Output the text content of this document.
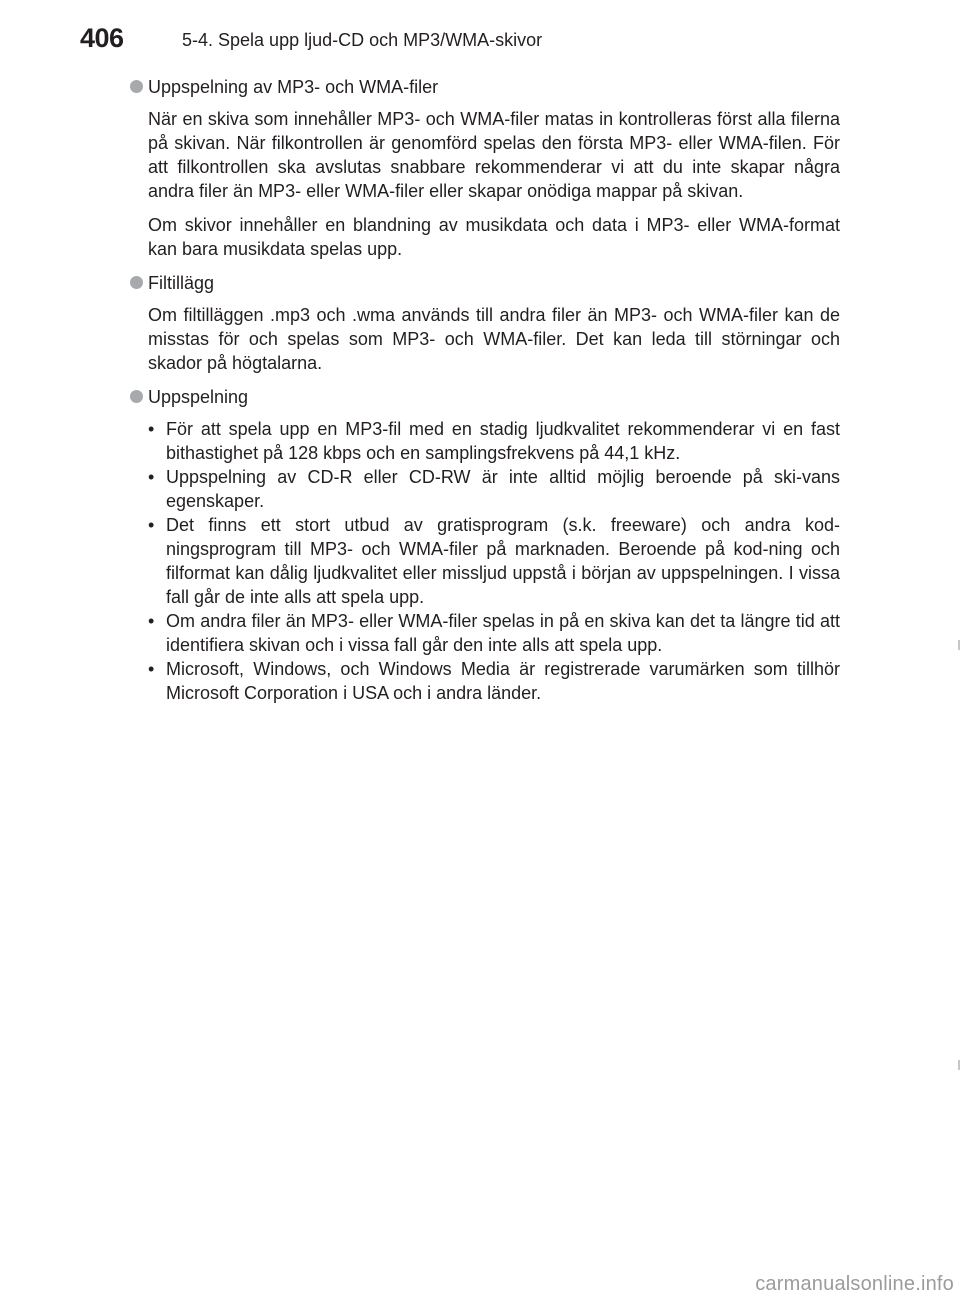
406	5-4. Spela upp ljud-CD och MP3/WMA-skivor
Uppspelning av MP3- och WMA-filer

När en skiva som innehåller MP3- och WMA-filer matas in kontrolleras först alla filerna på skivan. När filkontrollen är genomförd spelas den första MP3- eller WMA-filen. För att filkontrollen ska avslutas snabbare rekommenderar vi att du inte skapar några andra filer än MP3- eller WMA-filer eller skapar onödiga mappar på skivan.

Om skivor innehåller en blandning av musikdata och data i MP3- eller WMA-format kan bara musikdata spelas upp.

Filtillägg

Om filtilläggen .mp3 och .wma används till andra filer än MP3- och WMA-filer kan de misstas för och spelas som MP3- och WMA-filer. Det kan leda till störningar och skador på högtalarna.

Uppspelning
• För att spela upp en MP3-fil med en stadig ljudkvalitet rekommenderar vi en fast bithastighet på 128 kbps och en samplingsfrekvens på 44,1 kHz.
• Uppspelning av CD-R eller CD-RW är inte alltid möjlig beroende på ski-vans egenskaper.
• Det finns ett stort utbud av gratisprogram (s.k. freeware) och andra kod-ningsprogram till MP3- och WMA-filer på marknaden. Beroende på kod-ning och filformat kan dålig ljudkvalitet eller missljud uppstå i början av uppspelningen. I vissa fall går de inte alls att spela upp.
• Om andra filer än MP3- eller WMA-filer spelas in på en skiva kan det ta längre tid att identifiera skivan och i vissa fall går den inte alls att spela upp.
• Microsoft, Windows, och Windows Media är registrerade varumärken som tillhör Microsoft Corporation i USA och i andra länder.
carmanualsonline.info
